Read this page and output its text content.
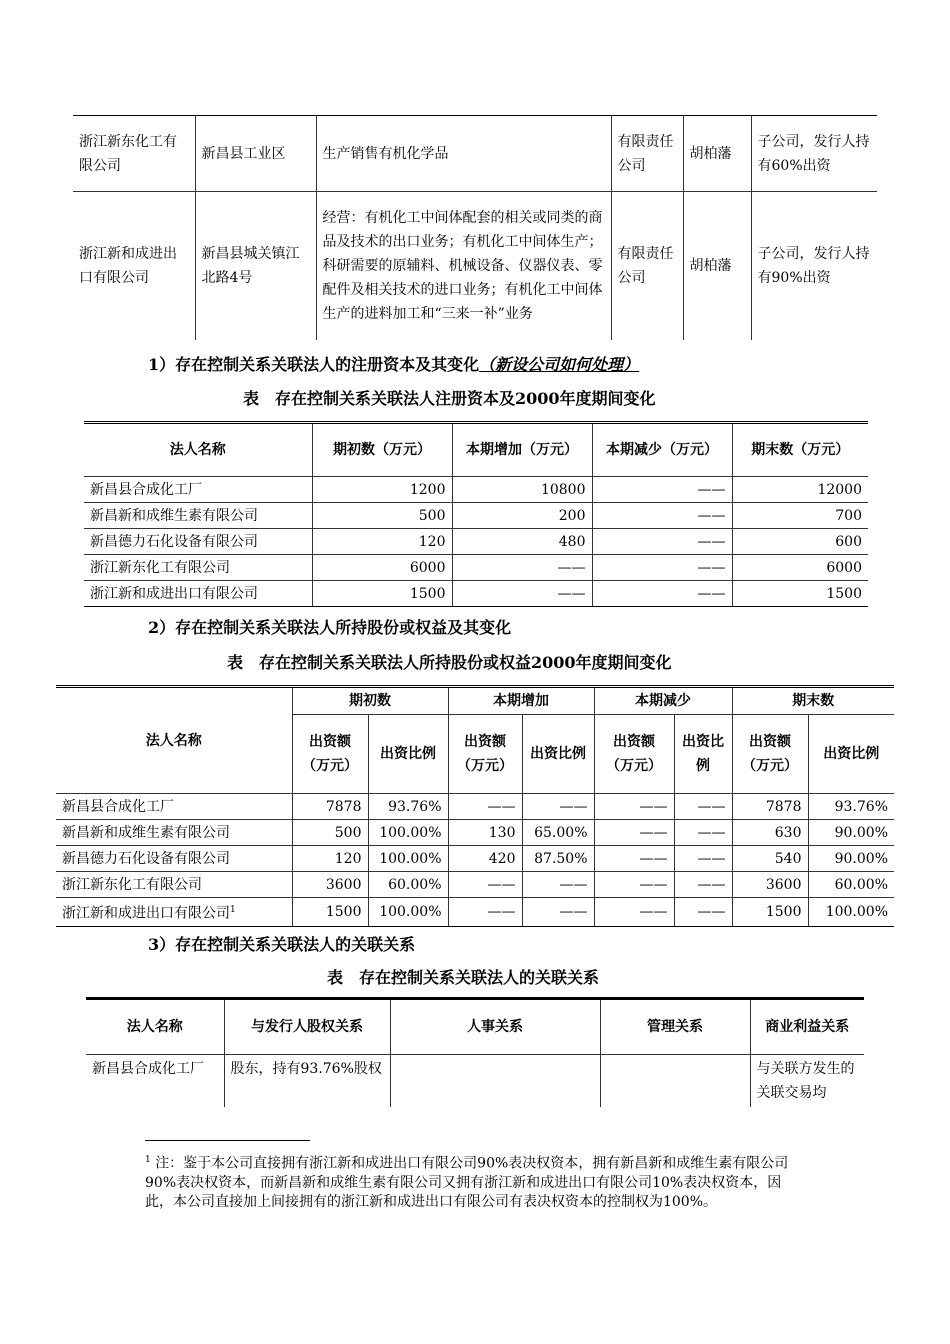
浙江新东化工有限公司	新昌县工业区	生产销售有机化学品	有限责任公司	胡柏藩	子公司，发行人持有60%出资
浙江新和成进出口有限公司	新昌县城关镇江北路4号	经营：有机化工中间体配套的相关或同类的商品及技术的出口业务；有机化工中间体生产；科研需要的原辅料、机械设备、仪器仪表、零配件及相关技术的进口业务；有机化工中间体生产的进料加工和“三来一补”业务	有限责任公司	胡柏藩	子公司，发行人持有90%出资
1）存在控制关系关联法人的注册资本及其变化（新设公司如何处理）
表　存在控制关系关联法人注册资本及2000年度期间变化
法人名称	期初数（万元）	本期增加（万元）	本期减少（万元）	期末数（万元）
新昌县合成化工厂	1200	10800	——	12000
新昌新和成维生素有限公司	500	200	——	700
新昌德力石化设备有限公司	120	480	——	600
浙江新东化工有限公司	6000	——	——	6000
浙江新和成进出口有限公司	1500	——	——	1500
2）存在控制关系关联法人所持股份或权益及其变化
表　存在控制关系关联法人所持股份或权益2000年度期间变化
法人名称	期初数		本期增加		本期减少		期末数	
	出资额（万元）	出资比例	出资额（万元）	出资比例	出资额（万元）	出资比例	出资额（万元）	出资比例
新昌县合成化工厂	7878	93.76%	——	——	——	——	7878	93.76%
新昌新和成维生素有限公司	500	100.00%	130	65.00%	——	——	630	90.00%
新昌德力石化设备有限公司	120	100.00%	420	87.50%	——	——	540	90.00%
浙江新东化工有限公司	3600	60.00%	——	——	——	——	3600	60.00%
浙江新和成进出口有限公司$^1$	1500	100.00%	——	——	——	——	1500	100.00%
3）存在控制关系关联法人的关联关系
表　存在控制关系关联法人的关联关系
法人名称	与发行人股权关系	人事关系	管理关系	商业利益关系
新昌县合成化工厂	股东，持有93.76%股权			与关联方发生的关联交易均
$^1$ 注：鉴于本公司直接拥有浙江新和成进出口有限公司90%表决权资本，拥有新昌新和成维生素有限公司90%表决权资本，而新昌新和成维生素有限公司又拥有浙江新和成进出口有限公司10%表决权资本，因此，本公司直接加上间接拥有的浙江新和成进出口有限公司有表决权资本的控制权为100%。
